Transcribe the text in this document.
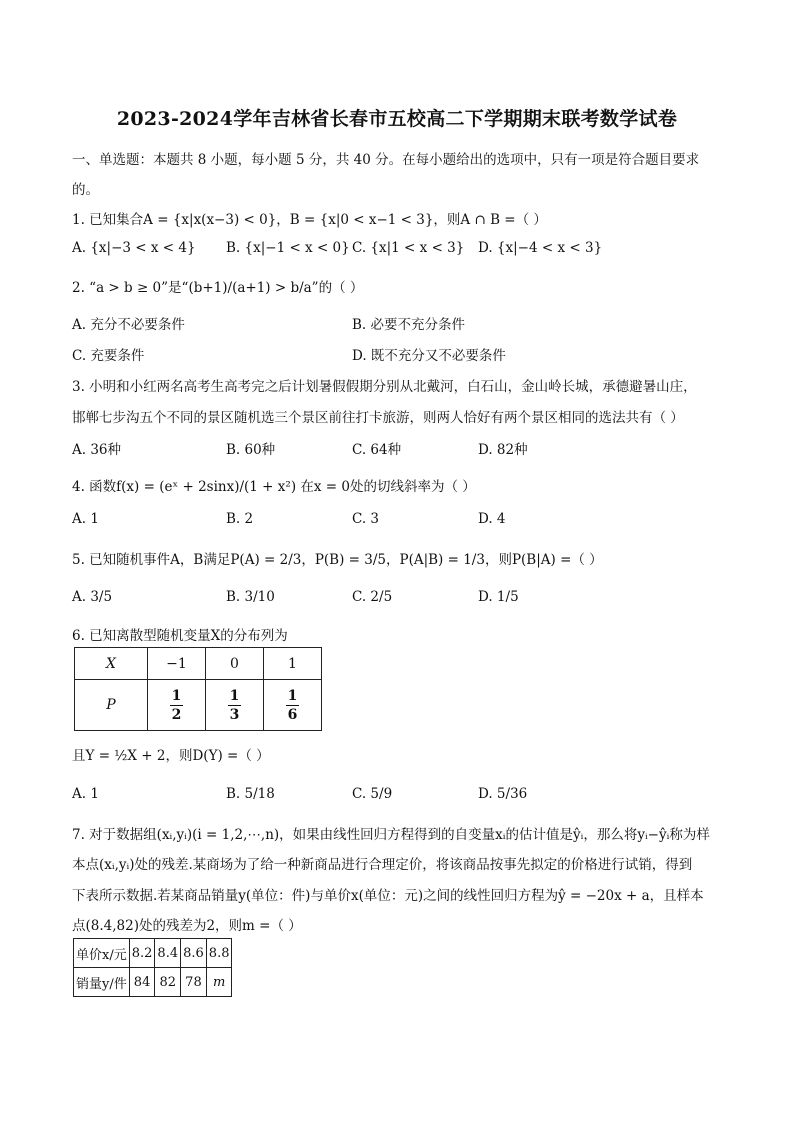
2023-2024学年吉林省长春市五校高二下学期期末联考数学试卷
一、单选题：本题共 8 小题，每小题 5 分，共 40 分。在每小题给出的选项中，只有一项是符合题目要求
的。
1. 已知集合A = {x|x(x−3) < 0}，B = {x|0 < x−1 < 3}，则A ∩ B =（ ）
A. {x|−3 < x < 4} B. {x|−1 < x < 0} C. {x|1 < x < 3} D. {x|−4 < x < 3}
2. “a > b ≥ 0”是“(b+1)/(a+1) > b/a”的（ ）
A. 充分不必要条件	B. 必要不充分条件
C. 充要条件	D. 既不充分又不必要条件
3. 小明和小红两名高考生高考完之后计划暑假假期分别从北戴河，白石山，金山岭长城，承德避暑山庄，
邯郸七步沟五个不同的景区随机选三个景区前往打卡旅游，则两人恰好有两个景区相同的选法共有（ ）
A. 36种	B. 60种	C. 64种	D. 82种
4. 函数f(x) = (eˣ + 2sinx)/(1 + x²) 在x = 0处的切线斜率为（ ）
A. 1	B. 2	C. 3	D. 4
5. 已知随机事件A，B满足P(A) = 2/3，P(B) = 3/5，P(A|B) = 1/3，则P(B|A) =（ ）
A. 3/5	B. 3/10	C. 2/5	D. 1/5
6. 已知离散型随机变量X的分布列为
X	−1	0	1
P	$\frac{1}{2}$	$\frac{1}{3}$	$\frac{1}{6}$
且Y = ½X + 2，则D(Y) =（ ）
A. 1	B. 5/18	C. 5/9	D. 5/36
7. 对于数据组(xᵢ,yᵢ)(i = 1,2,⋯,n)，如果由线性回归方程得到的自变量xᵢ的估计值是ŷᵢ，那么将yᵢ−ŷᵢ称为样
本点(xᵢ,yᵢ)处的残差.某商场为了给一种新商品进行合理定价，将该商品按事先拟定的价格进行试销，得到
下表所示数据.若某商品销量y(单位：件)与单价x(单位：元)之间的线性回归方程为ŷ = −20x + a，且样本
点(8.4,82)处的残差为2，则m =（ ）
单价x/元	8.2	8.4	8.6	8.8
销量y/件	84	82	78	m
